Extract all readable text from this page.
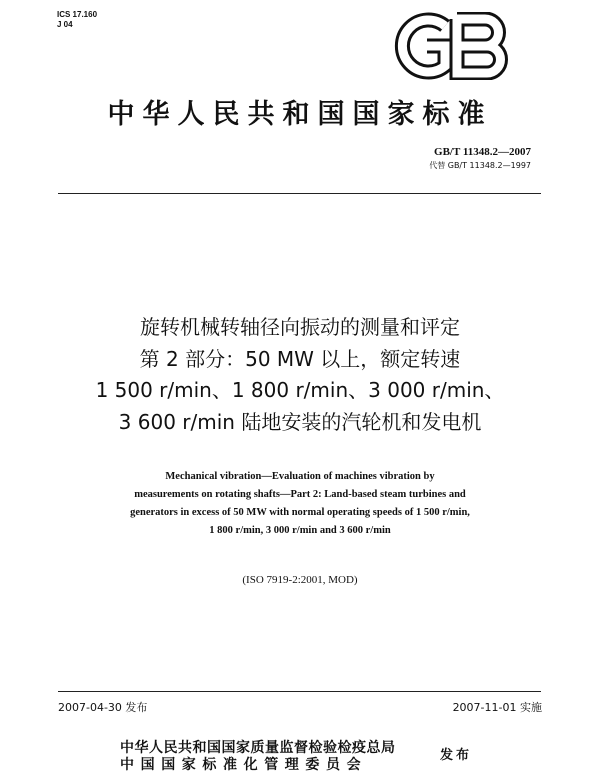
ICS 17.160
J 04
中华人民共和国国家标准
GB/T 11348.2—2007
代替 GB/T 11348.2—1997
旋转机械转轴径向振动的测量和评定
第 2 部分：50 MW 以上，额定转速
1 500 r/min、1 800 r/min、3 000 r/min、
3 600 r/min 陆地安装的汽轮机和发电机
Mechanical vibration—Evaluation of machines vibration by
measurements on rotating shafts—Part 2: Land-based steam turbines and
generators in excess of 50 MW with normal operating speeds of 1 500 r/min,
1 800 r/min, 3 000 r/min and 3 600 r/min
(ISO 7919-2:2001, MOD)
2007-04-30 发布	2007-11-01 实施
中华人民共和国国家质量监督检验检疫总局
中国国家标准化管理委员会
发布
